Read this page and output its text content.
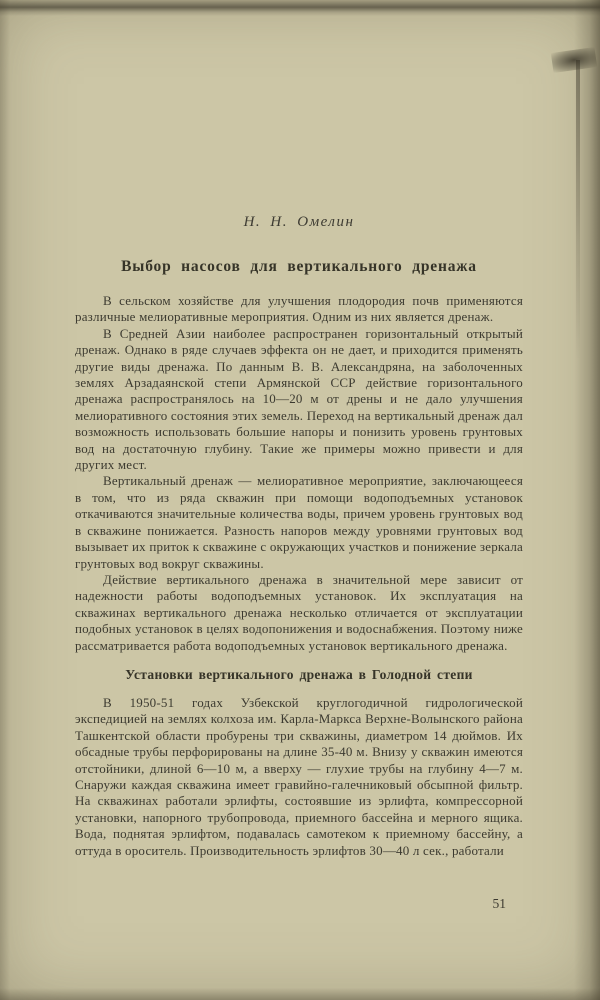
Н. Н. Омелин
Выбор насосов для вертикального дренажа

В сельском хозяйстве для улучшения плодородия почв применяются различные мелиоративные мероприятия. Одним из них является дренаж.

В Средней Азии наиболее распространен горизонтальный открытый дренаж. Однако в ряде случаев эффекта он не дает, и приходится применять другие виды дренажа. По данным В. В. Александряна, на заболоченных землях Арзадаянской степи Армянской ССР действие горизонтального дренажа распространялось на 10—20 м от дрены и не дало улучшения мелиоративного состояния этих земель. Переход на вертикальный дренаж дал возможность использовать большие напоры и понизить уровень грунтовых вод на достаточную глубину. Такие же примеры можно привести и для других мест.

Вертикальный дренаж — мелиоративное мероприятие, заключающееся в том, что из ряда скважин при помощи водоподъемных установок откачиваются значительные количества воды, причем уровень грунтовых вод в скважине понижается. Разность напоров между уровнями грунтовых вод вызывает их приток к скважине с окружающих участков и понижение зеркала грунтовых вод вокруг скважины.

Действие вертикального дренажа в значительной мере зависит от надежности работы водоподъемных установок. Их эксплуатация на скважинах вертикального дренажа несколько отличается от эксплуатации подобных установок в целях водопонижения и водоснабжения. Поэтому ниже рассматривается работа водоподъемных установок вертикального дренажа.

Установки вертикального дренажа в Голодной степи

В 1950-51 годах Узбекской круглогодичной гидрологической экспедицией на землях колхоза им. Карла-Маркса Верхне-Волынского района Ташкентской области пробурены три скважины, диаметром 14 дюймов. Их обсадные трубы перфорированы на длине 35-40 м. Внизу у скважин имеются отстойники, длиной 6—10 м, а вверху — глухие трубы на глубину 4—7 м. Снаружи каждая скважина имеет гравийно-галечниковый обсыпной фильтр. На скважинах работали эрлифты, состоявшие из эрлифта, компрессорной установки, напорного трубопровода, приемного бассейна и мерного ящика. Вода, поднятая эрлифтом, подавалась самотеком к приемному бассейну, а оттуда в ороситель. Производительность эрлифтов 30—40 л сек., работали

51
